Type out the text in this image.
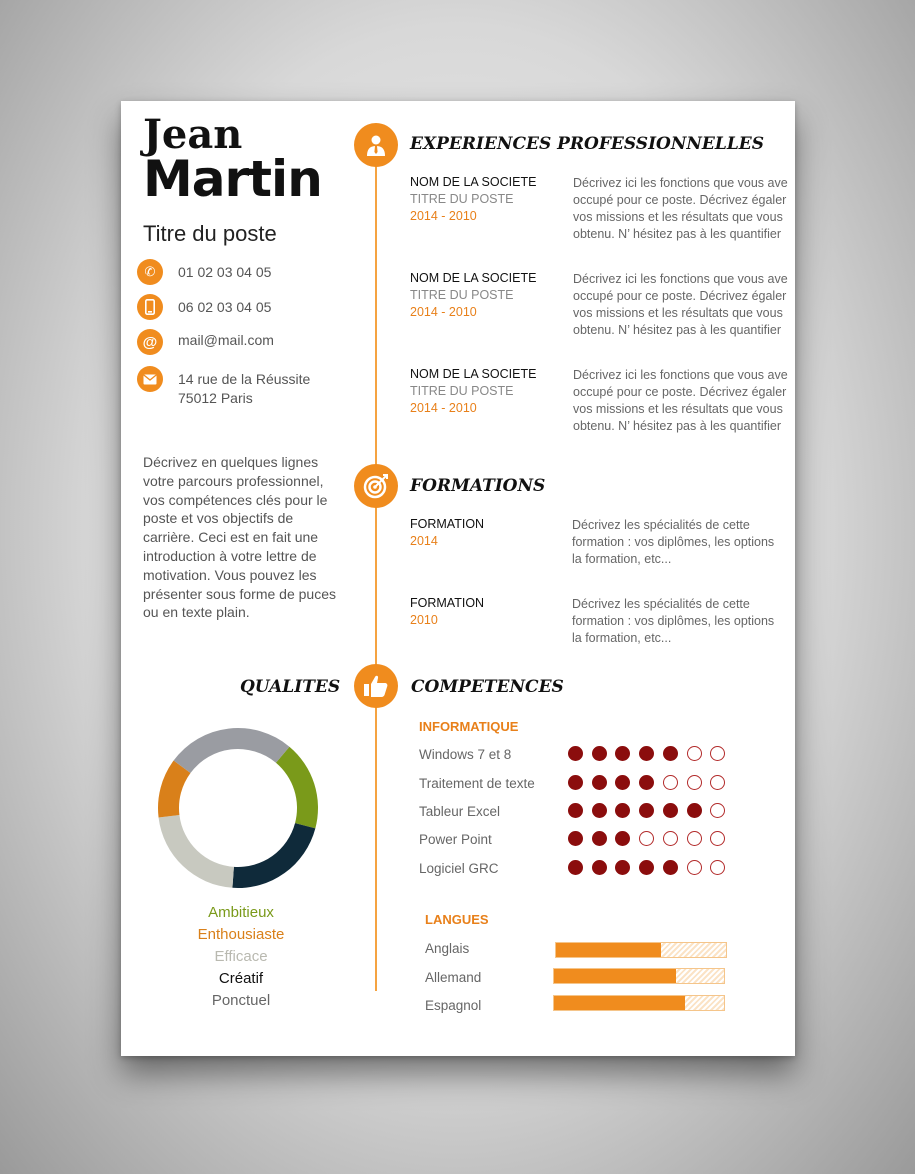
Jean
Martin
Titre du poste
✆	01 02 03 04 05
06 02 03 04 05
@	mail@mail.com
14 rue de la Réussite
75012 Paris
Décrivez en quelques lignes votre parcours professionnel, vos compétences clés pour le poste et vos objectifs de carrière. Ceci est en fait une introduction à votre lettre de motivation. Vous pouvez les présenter sous forme de puces ou en texte plain.
EXPERIENCES PROFESSIONNELLES
NOM DE LA SOCIETE
TITRE DU POSTE
2014 - 2010
Décrivez ici les fonctions que vous ave
occupé pour ce poste. Décrivez égaler
vos missions et les résultats que vous
obtenu. N’ hésitez pas à les quantifier
NOM DE LA SOCIETE
TITRE DU POSTE
2014 - 2010
Décrivez ici les fonctions que vous ave
occupé pour ce poste. Décrivez égaler
vos missions et les résultats que vous
obtenu. N’ hésitez pas à les quantifier
NOM DE LA SOCIETE
TITRE DU POSTE
2014 - 2010
Décrivez ici les fonctions que vous ave
occupé pour ce poste. Décrivez égaler
vos missions et les résultats que vous
obtenu. N’ hésitez pas à les quantifier
FORMATIONS
FORMATION
2014
Décrivez les spécialités de cette
formation : vos diplômes, les options
la formation, etc...
FORMATION
2010
Décrivez les spécialités de cette
formation : vos diplômes, les options
la formation, etc...
QUALITES	COMPETENCES
Ambitieux
Enthousiaste
Efficace
Créatif
Ponctuel
INFORMATIQUE
Windows 7 et 8
Traitement de texte
Tableur Excel
Power Point
Logiciel GRC
LANGUES
Anglais
Allemand
Espagnol
